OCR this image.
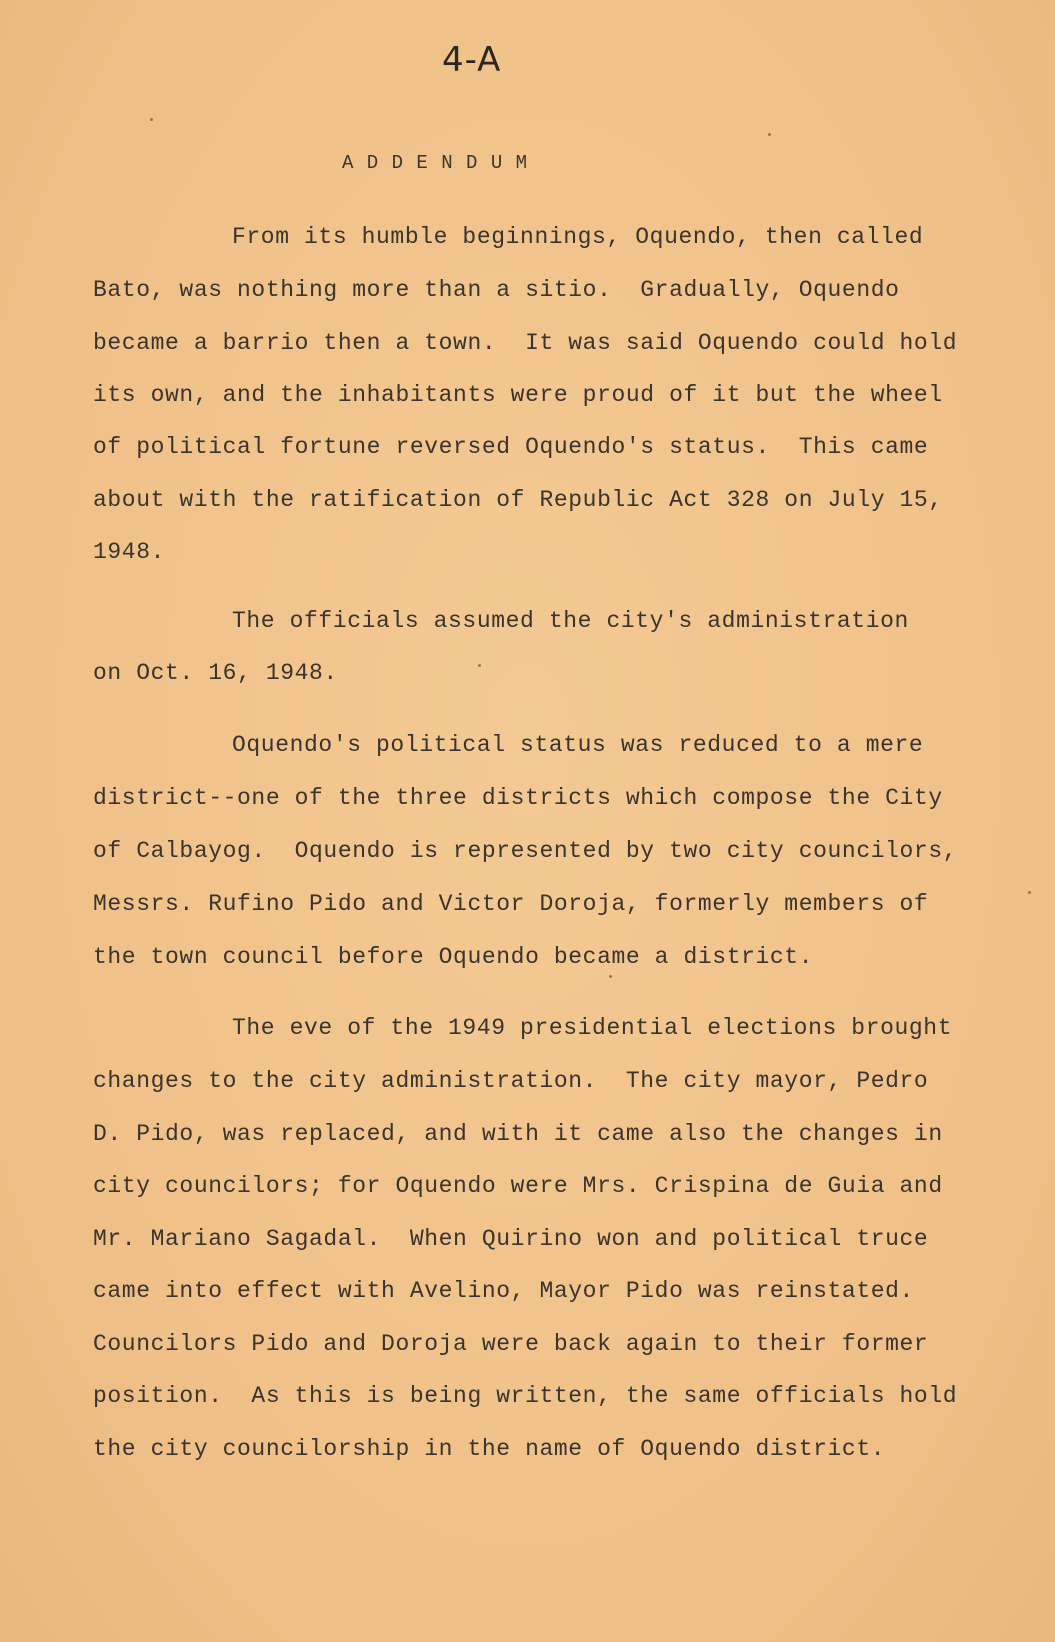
4-A
A D D E N D U M
From its humble beginnings, Oquendo, then called
Bato, was nothing more than a sitio.  Gradually, Oquendo
became a barrio then a town.  It was said Oquendo could hold
its own, and the inhabitants were proud of it but the wheel
of political fortune reversed Oquendo's status.  This came
about with the ratification of Republic Act 328 on July 15,
1948.
The officials assumed the city's administration
on Oct. 16, 1948.
Oquendo's political status was reduced to a mere
district--one of the three districts which compose the City
of Calbayog.  Oquendo is represented by two city councilors,
Messrs. Rufino Pido and Victor Doroja, formerly members of
the town council before Oquendo became a district.
The eve of the 1949 presidential elections brought
changes to the city administration.  The city mayor, Pedro
D. Pido, was replaced, and with it came also the changes in
city councilors; for Oquendo were Mrs. Crispina de Guia and
Mr. Mariano Sagadal.  When Quirino won and political truce
came into effect with Avelino, Mayor Pido was reinstated.
Councilors Pido and Doroja were back again to their former
position.  As this is being written, the same officials hold
the city councilorship in the name of Oquendo district.
